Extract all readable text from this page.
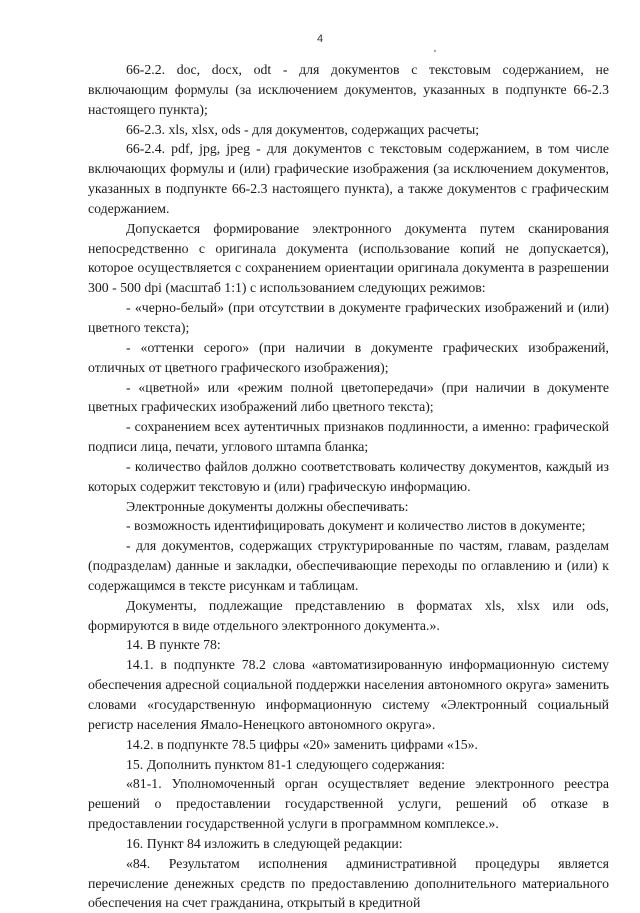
4

66-2.2. doc, docx, odt - для документов с текстовым содержанием, не включающим формулы (за исключением документов, указанных в подпункте 66-2.3 настоящего пункта);

66-2.3. xls, xlsx, ods - для документов, содержащих расчеты;

66-2.4. pdf, jpg, jpeg - для документов с текстовым содержанием, в том числе включающих формулы и (или) графические изображения (за исключением документов, указанных в подпункте 66-2.3 настоящего пункта), а также документов с графическим содержанием.

Допускается формирование электронного документа путем сканирования непосредственно с оригинала документа (использование копий не допускается), которое осуществляется с сохранением ориентации оригинала документа в разрешении 300 - 500 dpi (масштаб 1:1) с использованием следующих режимов:

- «черно-белый» (при отсутствии в документе графических изображений и (или) цветного текста);

- «оттенки серого» (при наличии в документе графических изображений, отличных от цветного графического изображения);

- «цветной» или «режим полной цветопередачи» (при наличии в документе цветных графических изображений либо цветного текста);

- сохранением всех аутентичных признаков подлинности, а именно: графической подписи лица, печати, углового штампа бланка;

- количество файлов должно соответствовать количеству документов, каждый из которых содержит текстовую и (или) графическую информацию.

Электронные документы должны обеспечивать:

- возможность идентифицировать документ и количество листов в документе;

- для документов, содержащих структурированные по частям, главам, разделам (подразделам) данные и закладки, обеспечивающие переходы по оглавлению и (или) к содержащимся в тексте рисункам и таблицам.

Документы, подлежащие представлению в форматах xls, xlsx или ods, формируются в виде отдельного электронного документа.».

14. В пункте 78:

14.1. в подпункте 78.2 слова «автоматизированную информационную систему обеспечения адресной социальной поддержки населения автономного округа» заменить словами «государственную информационную систему «Электронный социальный регистр населения Ямало-Ненецкого автономного округа».

14.2. в подпункте 78.5 цифры «20» заменить цифрами «15».

15. Дополнить пунктом 81-1 следующего содержания:

«81-1. Уполномоченный орган осуществляет ведение электронного реестра решений о предоставлении государственной услуги, решений об отказе в предоставлении государственной услуги в программном комплексе.».

16. Пункт 84 изложить в следующей редакции:

«84. Результатом исполнения административной процедуры является перечисление денежных средств по предоставлению дополнительного материального обеспечения на счет гражданина, открытый в кредитной
